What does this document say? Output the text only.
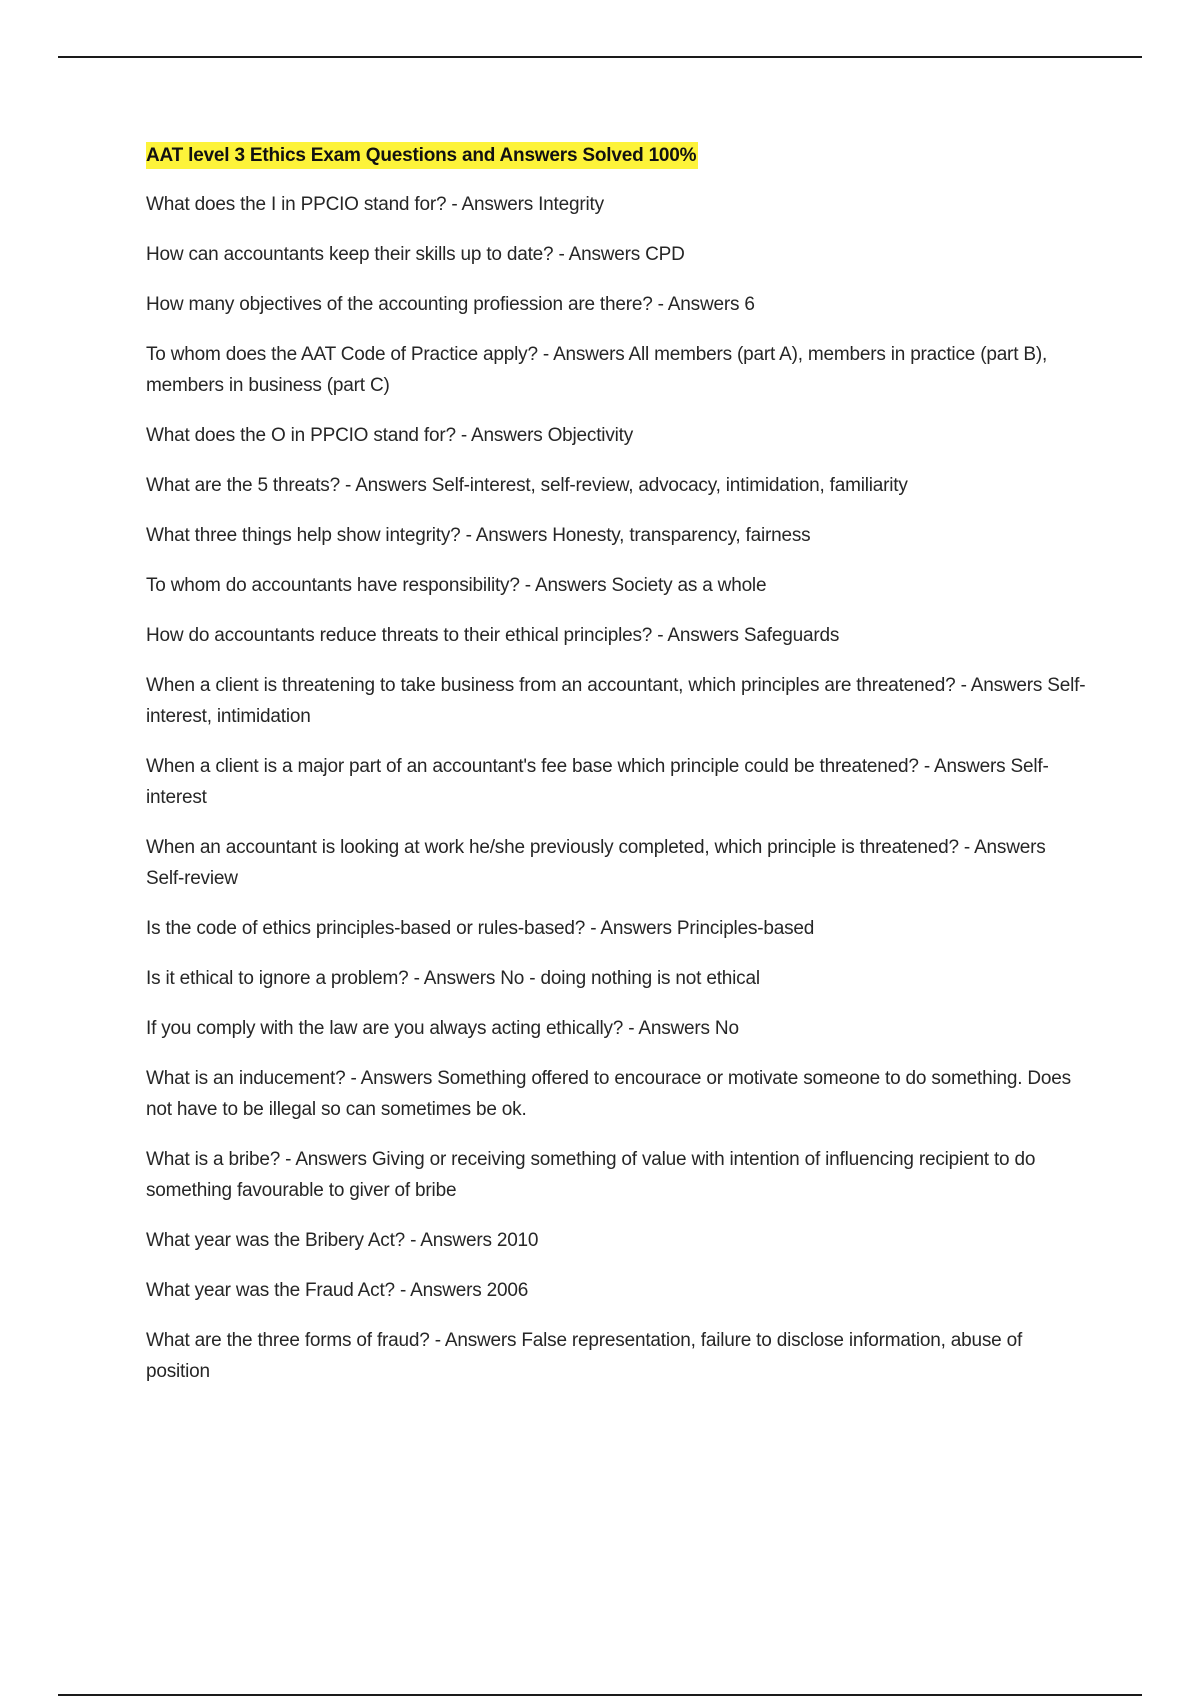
AAT level 3 Ethics Exam Questions and Answers Solved 100%
What does the I in PPCIO stand for? - Answers Integrity
How can accountants keep their skills up to date? - Answers CPD
How many objectives of the accounting profiession are there? - Answers 6
To whom does the AAT Code of Practice apply? - Answers All members (part A), members in practice (part B), members in business (part C)
What does the O in PPCIO stand for? - Answers Objectivity
What are the 5 threats? - Answers Self-interest, self-review, advocacy, intimidation, familiarity
What three things help show integrity? - Answers Honesty, transparency, fairness
To whom do accountants have responsibility? - Answers Society as a whole
How do accountants reduce threats to their ethical principles? - Answers Safeguards
When a client is threatening to take business from an accountant, which principles are threatened? - Answers Self-interest, intimidation
When a client is a major part of an accountant's fee base which principle could be threatened? - Answers Self-interest
When an accountant is looking at work he/she previously completed, which principle is threatened? - Answers Self-review
Is the code of ethics principles-based or rules-based? - Answers Principles-based
Is it ethical to ignore a problem? - Answers No - doing nothing is not ethical
If you comply with the law are you always acting ethically? - Answers No
What is an inducement? - Answers Something offered to encourace or motivate someone to do something. Does not have to be illegal so can sometimes be ok.
What is a bribe? - Answers Giving or receiving something of value with intention of influencing recipient to do something favourable to giver of bribe
What year was the Bribery Act? - Answers 2010
What year was the Fraud Act? - Answers 2006
What are the three forms of fraud? - Answers False representation, failure to disclose information, abuse of position
